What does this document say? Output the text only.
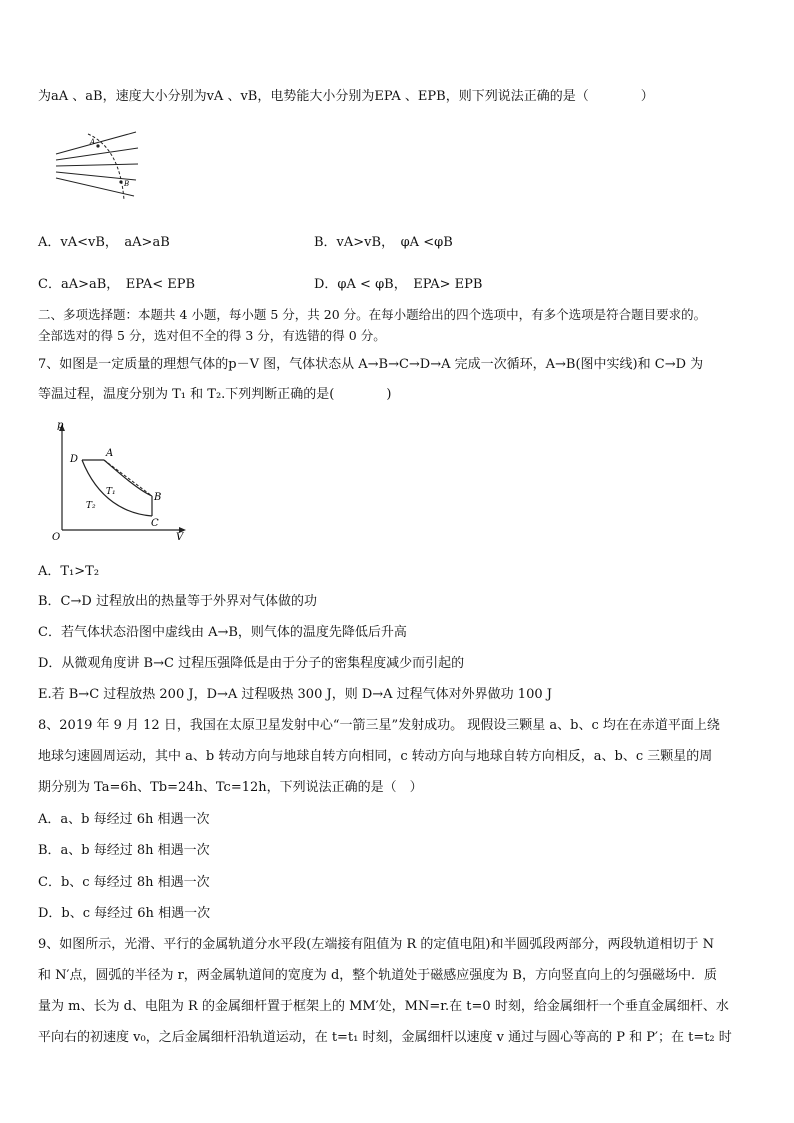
为aA 、aB，速度大小分别为vA 、vB，电势能大小分别为EPA 、EPB，则下列说法正确的是（　　　　）
A
B
A．vA<vB，　aA>aB	B．vA>vB，　φA <φB
C．aA>aB，　EPA< EPB	D．φA < φB，　EPA> EPB
二、多项选择题：本题共 4 小题，每小题 5 分，共 20 分。在每小题给出的四个选项中，有多个选项是符合题目要求的。
全部选对的得 5 分，选对但不全的得 3 分，有选错的得 0 分。
7、如图是一定质量的理想气体的p－V 图，气体状态从 A→B→C→D→A 完成一次循环，A→B(图中实线)和 C→D 为
等温过程，温度分别为 T₁ 和 T₂.下列判断正确的是(　　　　)
p
V
O
D
A
B
C
T₁
T₂
A．T₁>T₂
B．C→D 过程放出的热量等于外界对气体做的功
C．若气体状态沿图中虚线由 A→B，则气体的温度先降低后升高
D．从微观角度讲 B→C 过程压强降低是由于分子的密集程度减少而引起的
E.若 B→C 过程放热 200 J，D→A 过程吸热 300 J，则 D→A 过程气体对外界做功 100 J
8、2019 年 9 月 12 日，我国在太原卫星发射中心“一箭三星”发射成功。 现假设三颗星 a、b、c 均在在赤道平面上绕
地球匀速圆周运动，其中 a、b 转动方向与地球自转方向相同，c 转动方向与地球自转方向相反，a、b、c 三颗星的周
期分别为 Ta=6h、Tb=24h、Tc=12h，下列说法正确的是（　）
A．a、b 每经过 6h 相遇一次
B．a、b 每经过 8h 相遇一次
C．b、c 每经过 8h 相遇一次
D．b、c 每经过 6h 相遇一次
9、如图所示，光滑、平行的金属轨道分水平段(左端接有阻值为 R 的定值电阻)和半圆弧段两部分，两段轨道相切于 N
和 N′点，圆弧的半径为 r，两金属轨道间的宽度为 d，整个轨道处于磁感应强度为 B，方向竖直向上的匀强磁场中．质
量为 m、长为 d、电阻为 R 的金属细杆置于框架上的 MM′处，MN=r.在 t=0 时刻，给金属细杆一个垂直金属细杆、水
平向右的初速度 v₀，之后金属细杆沿轨道运动，在 t=t₁ 时刻，金属细杆以速度 v 通过与圆心等高的 P 和 P′；在 t=t₂ 时
